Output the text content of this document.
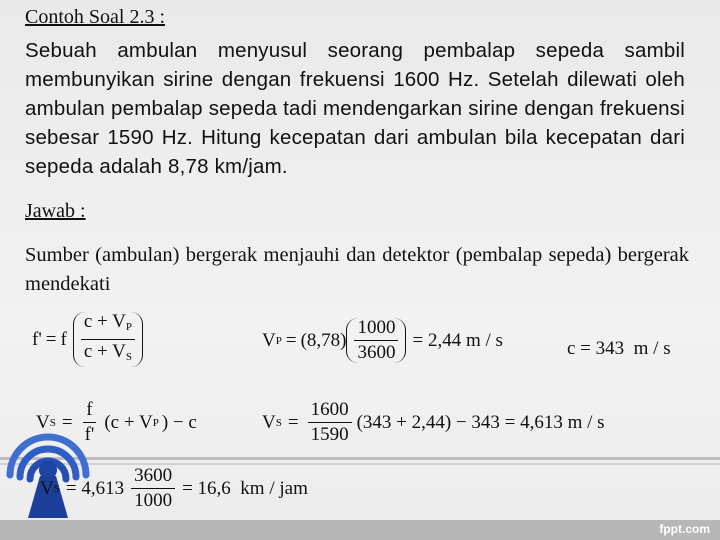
Contoh Soal 2.3 :
Sebuah ambulan menyusul seorang pembalap sepeda sambil membunyikan sirine dengan frekuensi 1600 Hz. Setelah dilewati oleh ambulan pembalap sepeda tadi mendengarkan sirine dengan frekuensi sebesar 1590 Hz. Hitung kecepatan dari ambulan bila kecepatan dari sepeda adalah 8,78 km/jam.
Jawab :
Sumber (ambulan) bergerak menjauhi dan detektor (pembalap sepeda) bergerak mendekati
f' = f $\frac{c + V_P}{c + V_S}$	V $P = (8,78) \frac{1000}{3600} = 2,44$ m / s	c = 343  m / s
V $S = \frac{f}{f'} (c + V$ P ) − c	V $S = \frac{1600}{1590} (343 + 2,44) - 343 = 4,613$ m / s
V $S = 4,613 \frac{3600}{1000} = 16,6$  km / jam
fppt.com
